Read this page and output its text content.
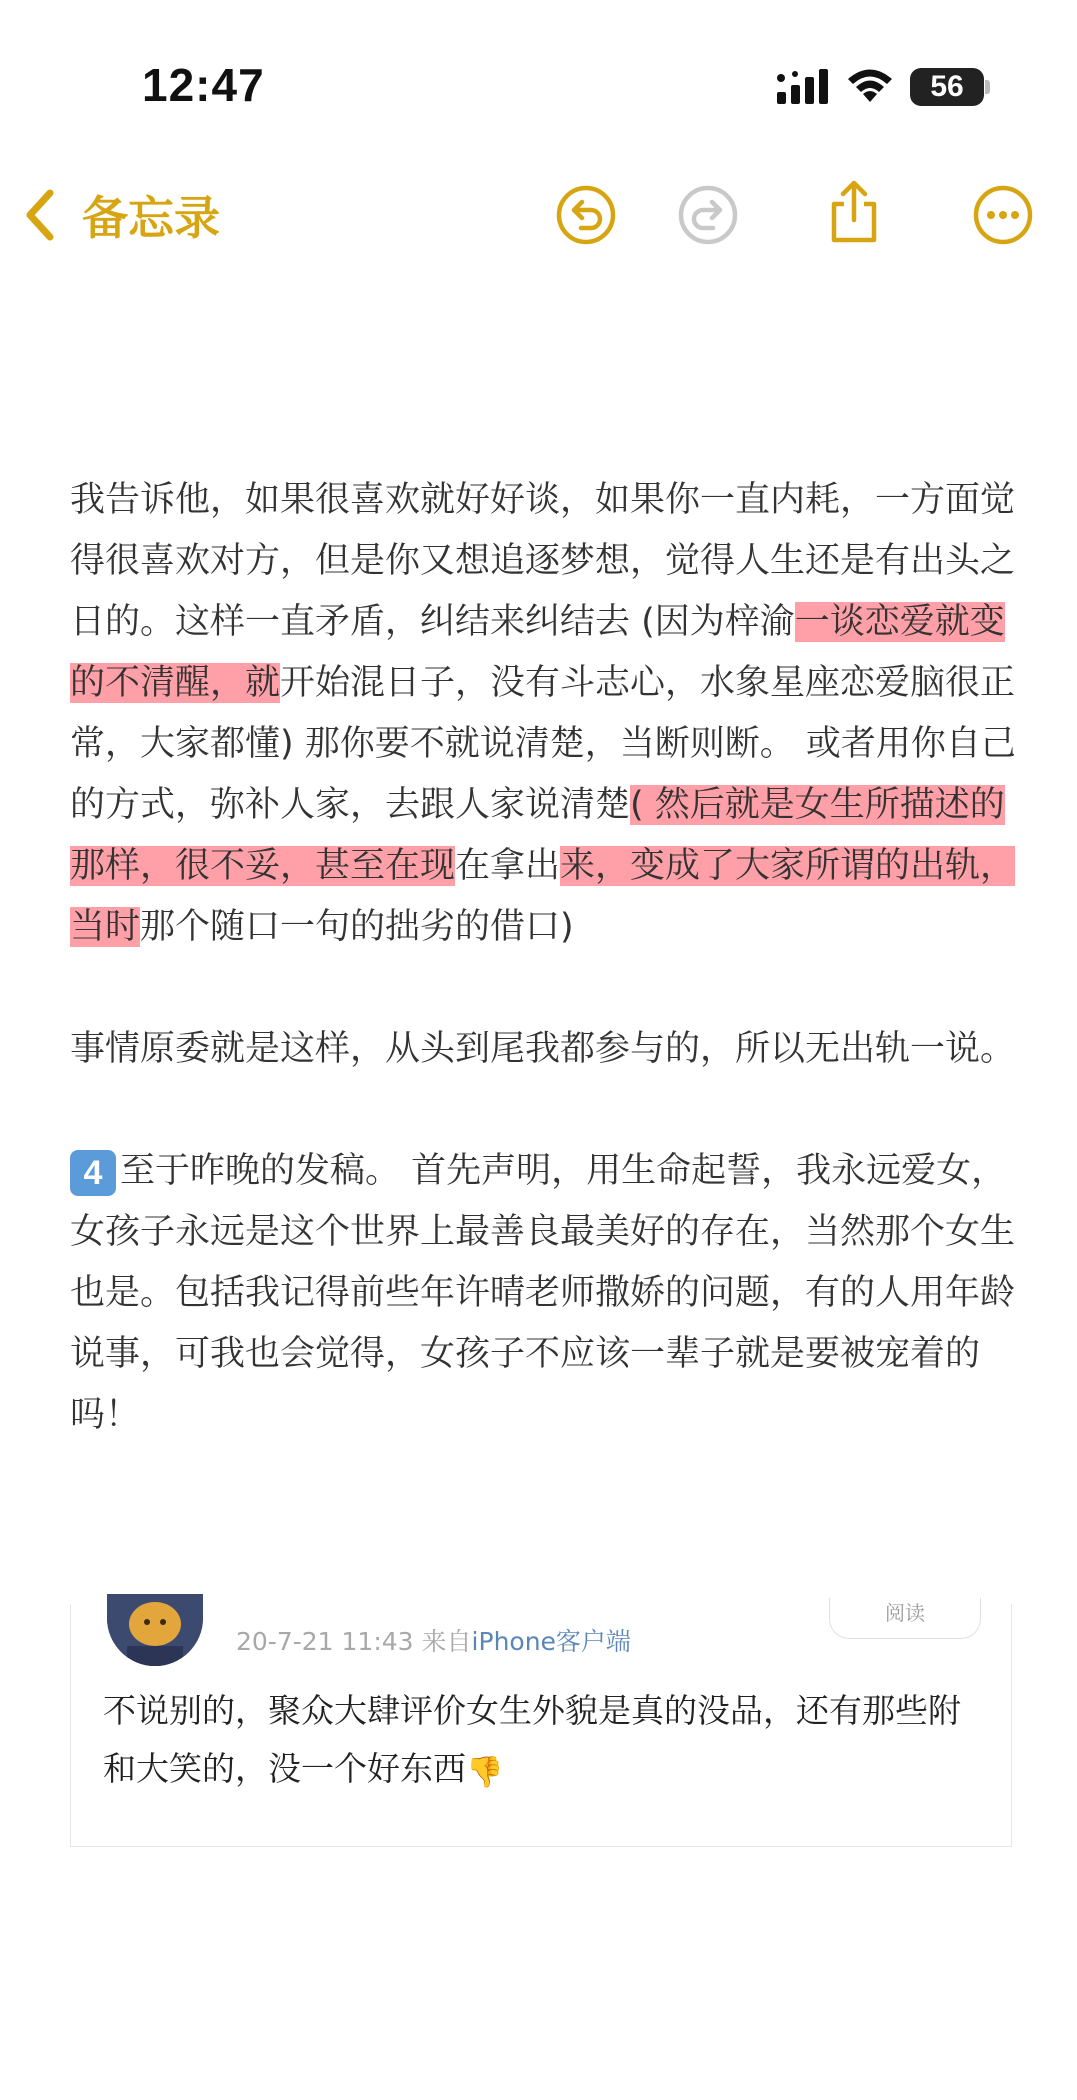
12:47	56
备忘录

我告诉他，如果很喜欢就好好谈，如果你一直内耗，一方面觉得很喜欢对方，但是你又想追逐梦想，觉得人生还是有出头之日的。这样一直矛盾，纠结来纠结去 (因为梓渝一谈恋爱就变的不清醒，就开始混日子，没有斗志心，水象星座恋爱脑很正常，大家都懂) 那你要不就说清楚，当断则断。 或者用你自己的方式，弥补人家，去跟人家说清楚( 然后就是女生所描述的那样，很不妥，甚至在现在拿出来，变成了大家所谓的出轨，当时那个随口一句的拙劣的借口)

事情原委就是这样，从头到尾我都参与的，所以无出轨一说。

4 至于昨晚的发稿。 首先声明，用生命起誓，我永远爱女，女孩子永远是这个世界上最善良最美好的存在，当然那个女生也是。包括我记得前些年许晴老师撒娇的问题，有的人用年龄说事，可我也会觉得，女孩子不应该一辈子就是要被宠着的吗！

阅读
20-7-21 11:43 来自iPhone客户端
不说别的，聚众大肆评价女生外貌是真的没品，还有那些附和大笑的，没一个好东西👎
